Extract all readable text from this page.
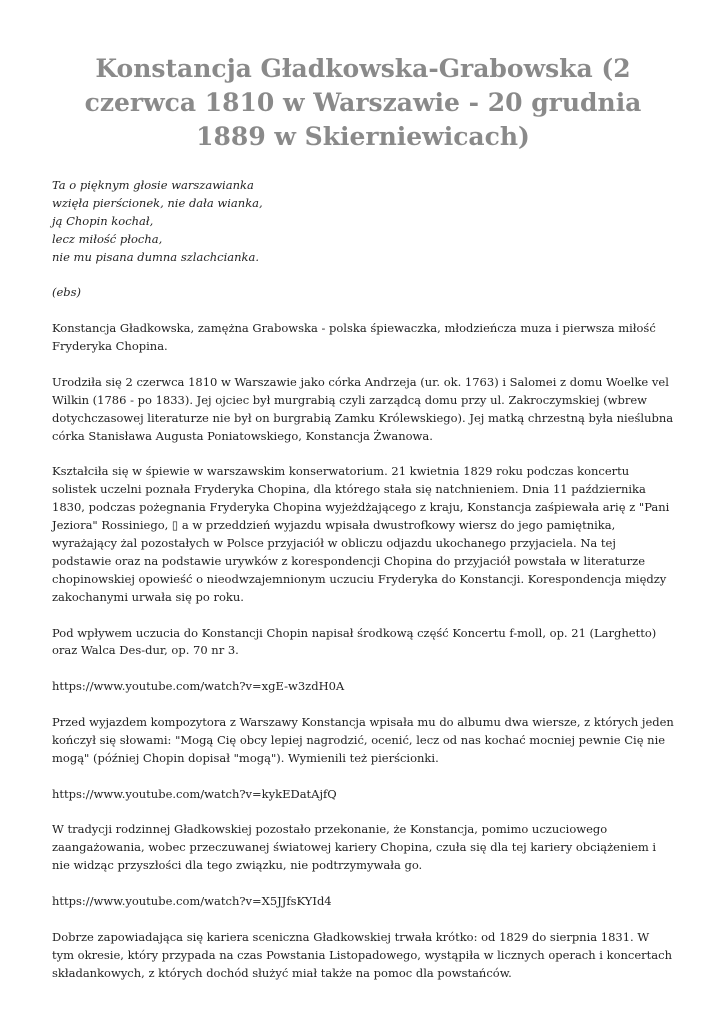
Konstancja Gładkowska-Grabowska (2 czerwca 1810 w Warszawie - 20 grudnia 1889 w Skierniewicach)

Ta o pięknym głosie warszawianka
wzięła pierścionek, nie dała wianka,
ją Chopin kochał,
lecz miłość płocha,
nie mu pisana dumna szlachcianka.

(ebs)

Konstancja Gładkowska, zamężna Grabowska - polska śpiewaczka, młodzieńcza muza i pierwsza miłość Fryderyka Chopina.

Urodziła się 2 czerwca 1810 w Warszawie jako córka Andrzeja (ur. ok. 1763) i Salomei z domu Woelke vel Wilkin (1786 - po 1833). Jej ojciec był murgrabią czyli zarządcą domu przy ul. Zakroczymskiej (wbrew dotychczasowej literaturze nie był on burgrabią Zamku Królewskiego). Jej matką chrzestną była nieślubna córka Stanisława Augusta Poniatowskiego, Konstancja Żwanowa.

Kształciła się w śpiewie w warszawskim konserwatorium. 21 kwietnia 1829 roku podczas koncertu solistek uczelni poznała Fryderyka Chopina, dla którego stała się natchnieniem. Dnia 11 października 1830, podczas pożegnania Fryderyka Chopina wyjeżdżającego z kraju, Konstancja zaśpiewała arię z "Pani Jeziora" Rossiniego, ▯ a w przeddzień wyjazdu wpisała dwustrofkowy wiersz do jego pamiętnika, wyrażający żal pozostałych w Polsce przyjaciół w obliczu odjazdu ukochanego przyjaciela. Na tej podstawie oraz na podstawie urywków z korespondencji Chopina do przyjaciół powstała w literaturze chopinowskiej opowieść o nieodwzajemnionym uczuciu Fryderyka do Konstancji. Korespondencja między zakochanymi urwała się po roku.

Pod wpływem uczucia do Konstancji Chopin napisał środkową część Koncertu f-moll, op. 21 (Larghetto) oraz Walca Des-dur, op. 70 nr 3.

https://www.youtube.com/watch?v=xgE-w3zdH0A

Przed wyjazdem kompozytora z Warszawy Konstancja wpisała mu do albumu dwa wiersze, z których jeden kończył się słowami: "Mogą Cię obcy lepiej nagrodzić, ocenić, lecz od nas kochać mocniej pewnie Cię nie mogą" (później Chopin dopisał "mogą"). Wymienili też pierścionki.

https://www.youtube.com/watch?v=kykEDatAjfQ

W tradycji rodzinnej Gładkowskiej pozostało przekonanie, że Konstancja, pomimo uczuciowego zaangażowania, wobec przeczuwanej światowej kariery Chopina, czuła się dla tej kariery obciążeniem i nie widząc przyszłości dla tego związku, nie podtrzymywała go.

https://www.youtube.com/watch?v=X5JJfsKYId4

Dobrze zapowiadająca się kariera sceniczna Gładkowskiej trwała krótko: od 1829 do sierpnia 1831. W tym okresie, który przypada na czas Powstania Listopadowego, wystąpiła w licznych operach i koncertach składankowych, z których dochód służyć miał także na pomoc dla powstańców.
